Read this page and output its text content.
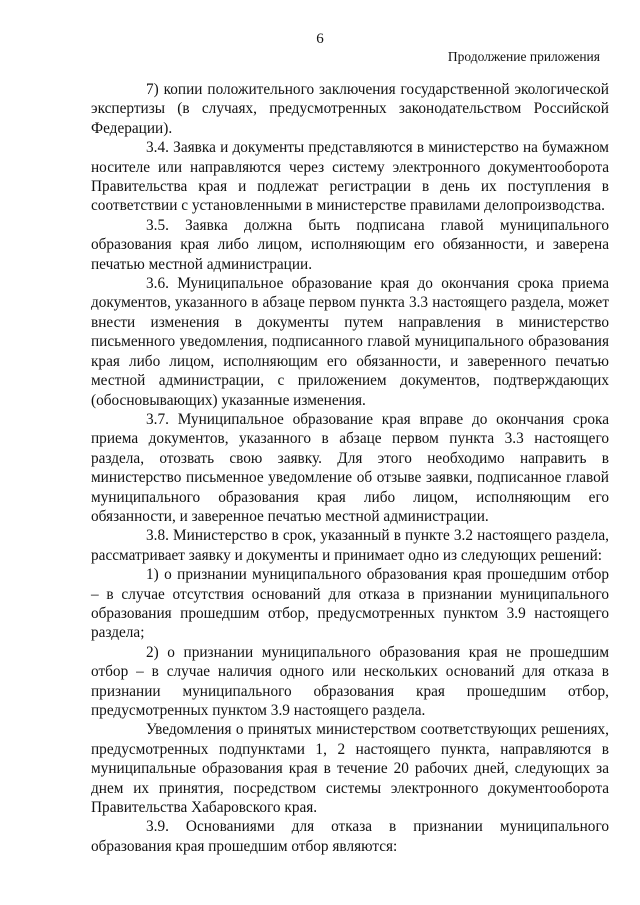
6
Продолжение приложения

7) копии положительного заключения государственной экологической экспертизы (в случаях, предусмотренных законодательством Российской Федерации).

3.4. Заявка и документы представляются в министерство на бумажном носителе или направляются через систему электронного документооборота Правительства края и подлежат регистрации в день их поступления в соответствии с установленными в министерстве правилами делопроизводства.

3.5. Заявка должна быть подписана главой муниципального образования края либо лицом, исполняющим его обязанности, и заверена печатью местной администрации.

3.6. Муниципальное образование края до окончания срока приема документов, указанного в абзаце первом пункта 3.3 настоящего раздела, может внести изменения в документы путем направления в министерство письменного уведомления, подписанного главой муниципального образования края либо лицом, исполняющим его обязанности, и заверенного печатью местной администрации, с приложением документов, подтверждающих (обосновывающих) указанные изменения.

3.7. Муниципальное образование края вправе до окончания срока приема документов, указанного в абзаце первом пункта 3.3 настоящего раздела, отозвать свою заявку. Для этого необходимо направить в министерство письменное уведомление об отзыве заявки, подписанное главой муниципального образования края либо лицом, исполняющим его обязанности, и заверенное печатью местной администрации.

3.8. Министерство в срок, указанный в пункте 3.2 настоящего раздела, рассматривает заявку и документы и принимает одно из следующих решений:

1) о признании муниципального образования края прошедшим отбор – в случае отсутствия оснований для отказа в признании муниципального образования прошедшим отбор, предусмотренных пунктом 3.9 настоящего раздела;

2) о признании муниципального образования края не прошедшим отбор – в случае наличия одного или нескольких оснований для отказа в признании муниципального образования края прошедшим отбор, предусмотренных пунктом 3.9 настоящего раздела.

Уведомления о принятых министерством соответствующих решениях, предусмотренных подпунктами 1, 2 настоящего пункта, направляются в муниципальные образования края в течение 20 рабочих дней, следующих за днем их принятия, посредством системы электронного документооборота Правительства Хабаровского края.

3.9. Основаниями для отказа в признании муниципального образования края прошедшим отбор являются:
